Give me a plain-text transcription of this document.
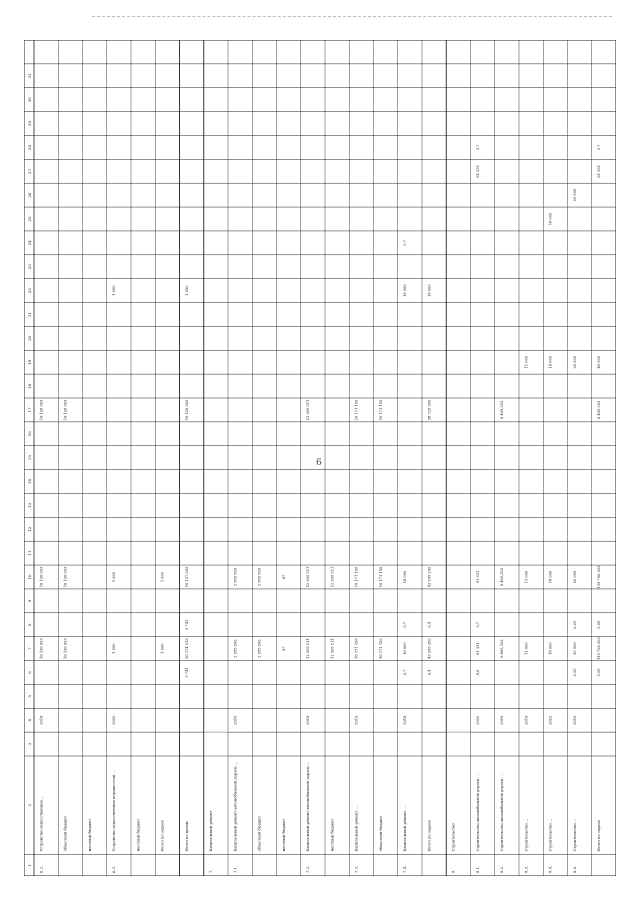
1
2
3
4
5
6
7
8
9
10
11
12
13
14
15
16
17
18
19
20
21
22
23
24
25
26
27
28
29
30
31
6.2.
Устройство искусственных ...
2018
16 126 003
16 126 003
16 126 003
областной бюджет
16 126 003
16 126 003
16 126 003
местный бюджет
6.3.
Устройство искусственных неровностей ...
2020
1 000
1 000
1 000
местный бюджет	Итого по задаче
1 000
1 000
Итого по целям
3 741
30 174 013
3 741
16 127 003
16 126 003
1 000
7.
Капитальный ремонт
7.1.
Капитальный ремонт автомобильной дороги ...
2016
2 955 509
2 955 509
областной бюджет
2 955 509
2 955 509
местный бюджет
87
87
7.2.
Капитальный ремонт автомобильной дороги ...
2018
12 905 511
12 905 511
12 905 511
местный бюджет
12 905 511
12 905 511
7.3.
Капитальный ремонт ...
2019
16 171 150
16 171 150
16 171 150
областной бюджет
16 171 150
16 171 150
16 171 150
7.4.
Капитальный ремонт ...
2018
0,7
18 000
0,7
18 000
18 000
0,7
Итого по задаче
0,4
43 935 200
0,4
43 935 200
38 725 050
18 000
8.
Строительство
8.1.
Строительство автомобильной дороги ...
2020
4,8
61 331
3,7
61 331
61 331
3,7
8.2.
Строительство автомобильной дороги ...
2016
8 465,303
8 465,303
8 465,303
8.3.
Строительство ...
2018
11 000
11 000
11 000
8.4.
Строительство ...
2022
18 000
18 000
18 000
18 000
8.5.
Строительство ...
2019
0,25
20 000
0,25
20 000
20 000
20 000
Итого по задаче
5,05
119 796,303
5,05
119 796,303
8 465,303
49 000
61 331
3,7
6
